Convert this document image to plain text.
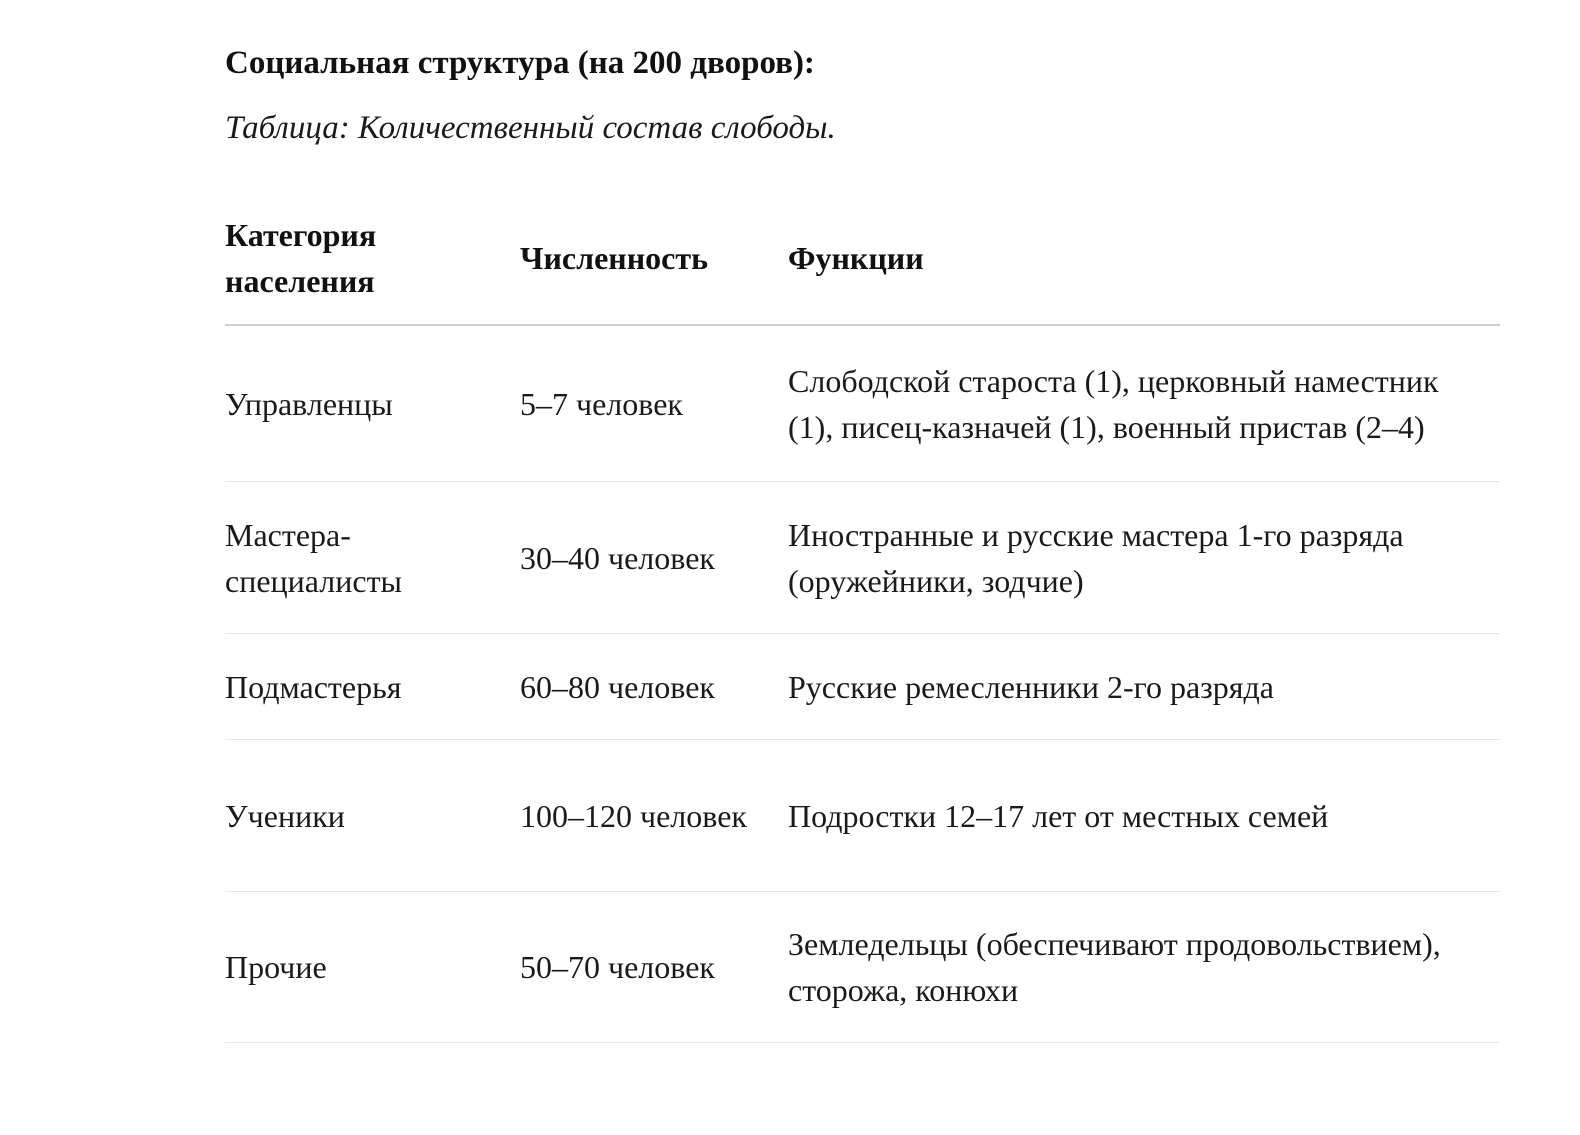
Социальная структура (на 200 дворов):

Таблица: Количественный состав слободы.

Категория населения	Численность	Функции
Управленцы	5–7 человек	Слободской староста (1), церковный наместник (1), писец-казначей (1), военный пристав (2–4)
Мастера-специалисты	30–40 человек	Иностранные и русские мастера 1-го разряда (оружейники, зодчие)
Подмастерья	60–80 человек	Русские ремесленники 2-го разряда
Ученики	100–120 человек	Подростки 12–17 лет от местных семей
Прочие	50–70 человек	Земледельцы (обеспечивают продовольствием), сторожа, конюхи
